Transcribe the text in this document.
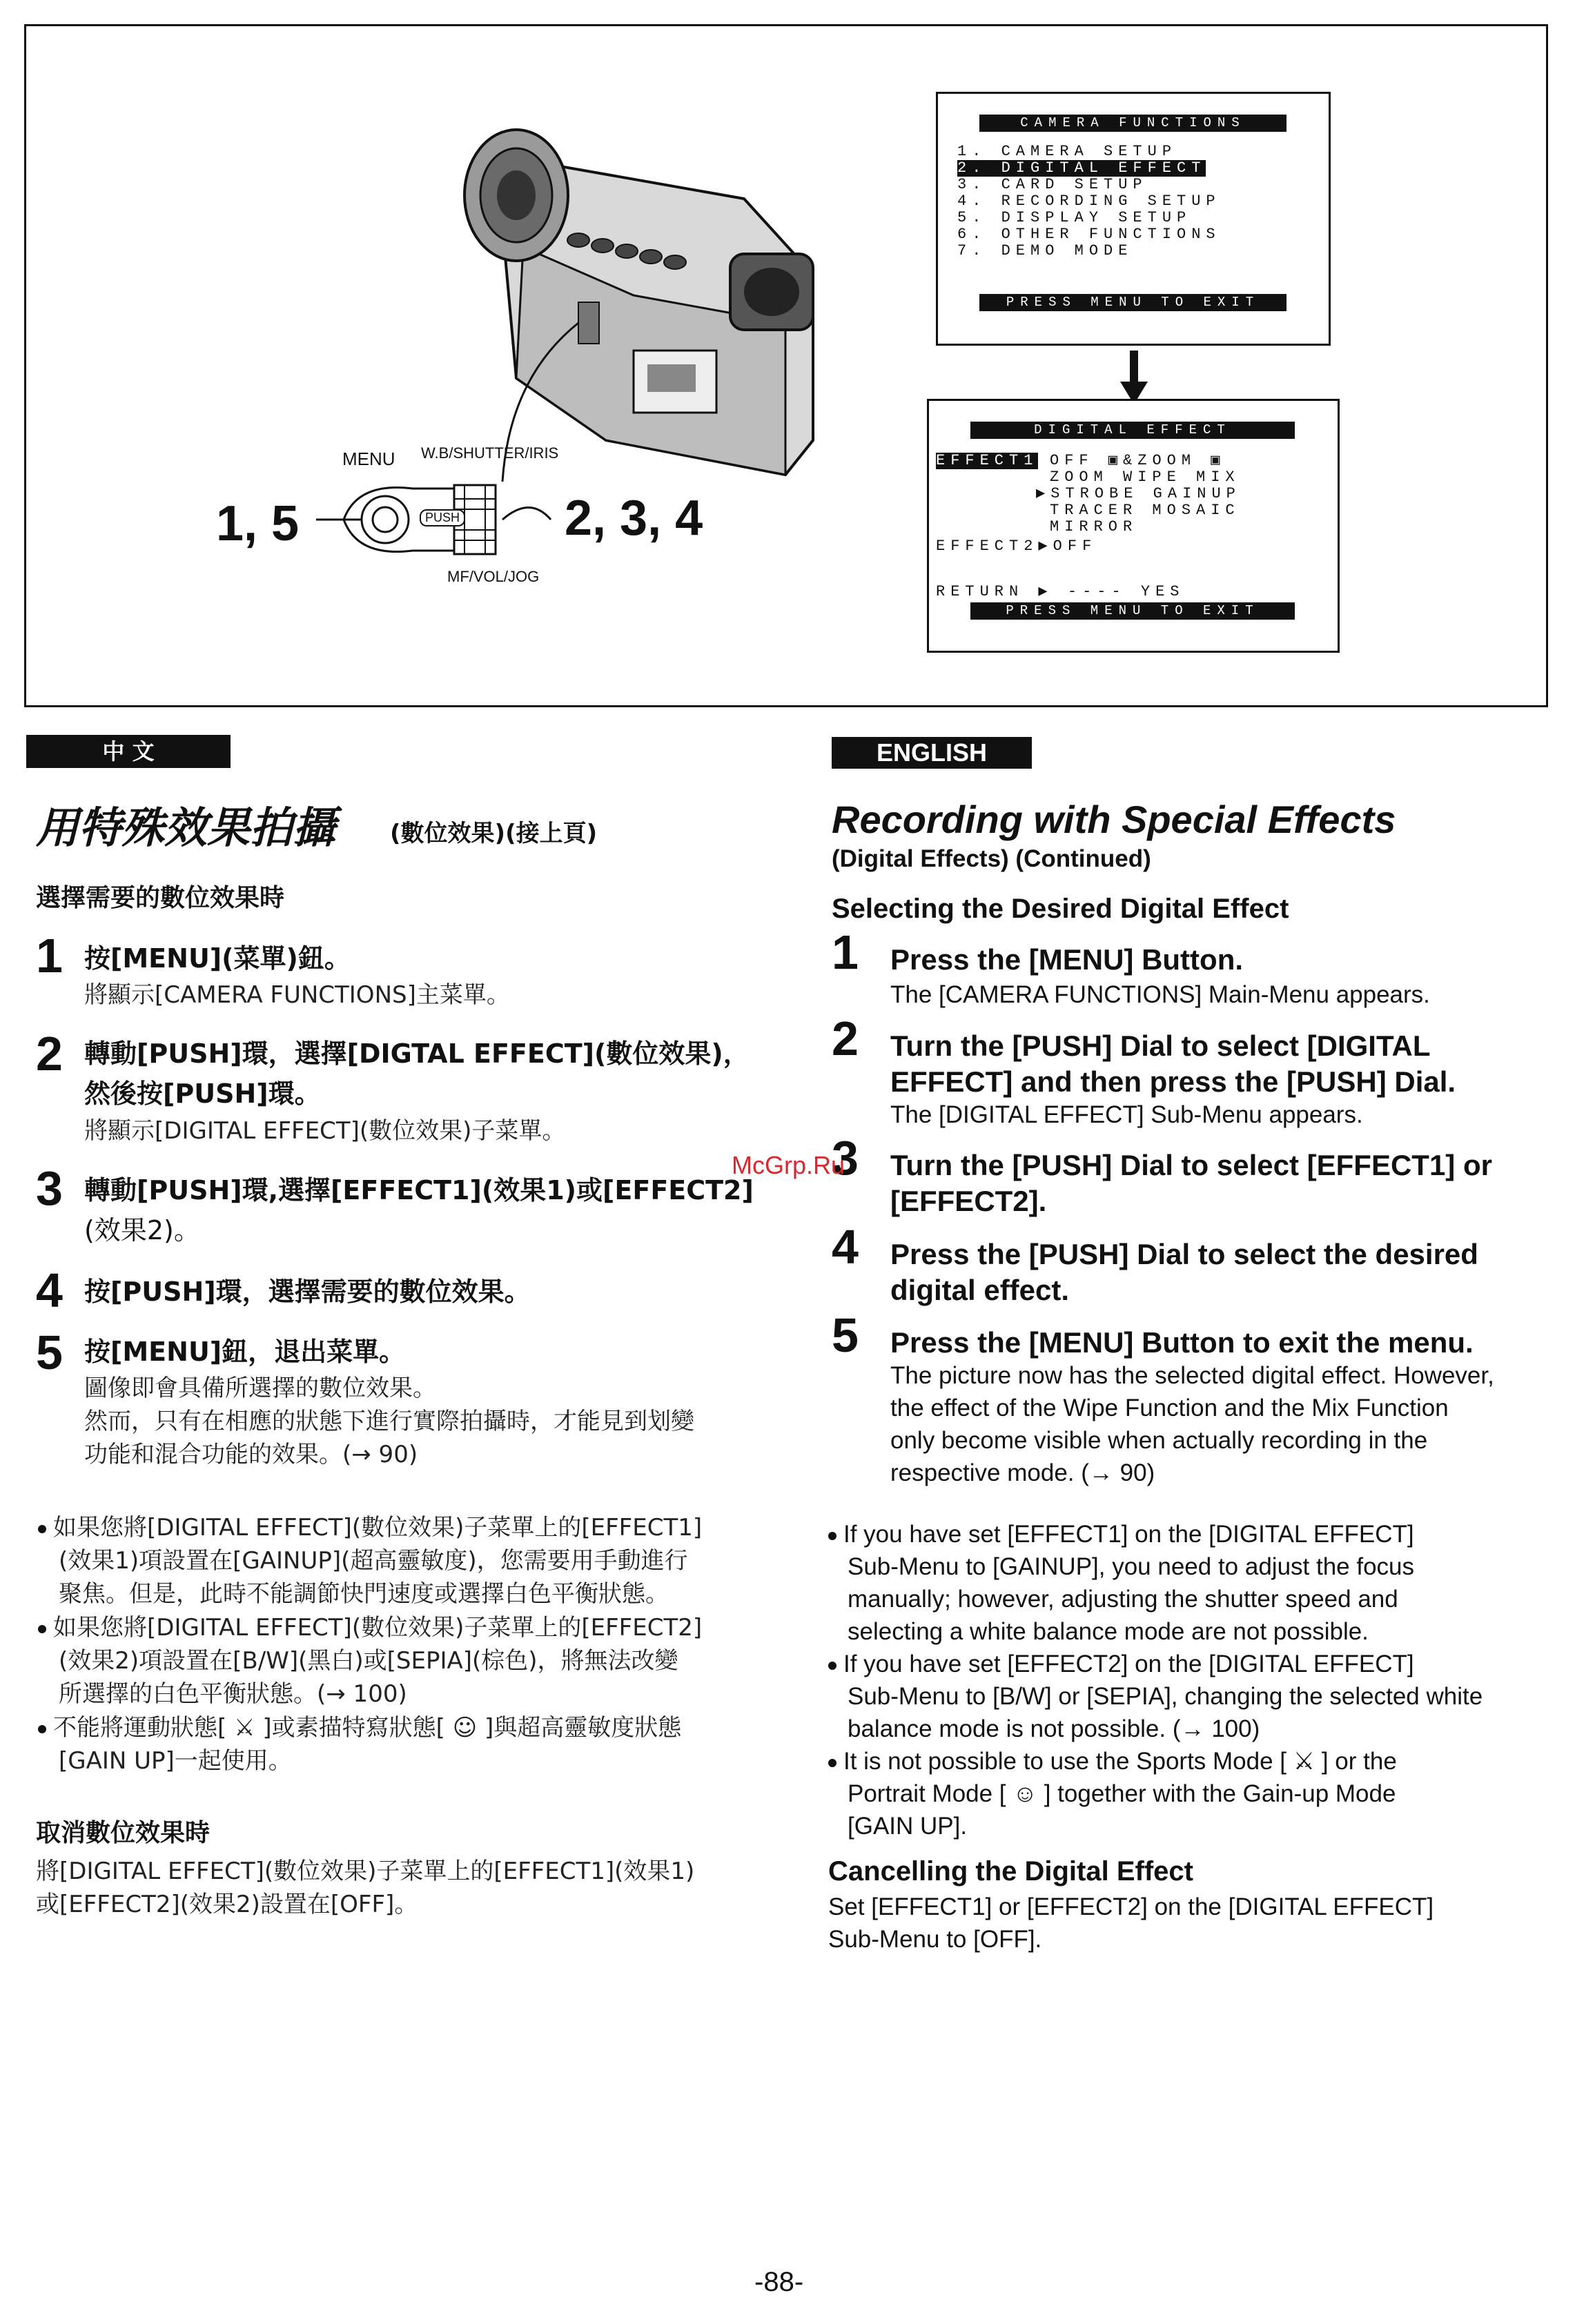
MENU W.B/SHUTTER/IRIS
PUSH
MF/VOL/JOG
1, 5	2, 3, 4
CAMERA FUNCTIONS
1. CAMERA SETUP
2. DIGITAL EFFECT
3. CARD SETUP
4. RECORDING SETUP
5. DISPLAY SETUP
6. OTHER FUNCTIONS
7. DEMO MODE
PRESS MENU TO EXIT
DIGITAL EFFECT
EFFECT1 OFF ▣&ZOOM ▣
ZOOM WIPE MIX
▶STROBE GAINUP
TRACER MOSAIC
MIRROR
EFFECT2▶OFF
RETURN ▶ ---- YES
PRESS MENU TO EXIT
中 文
用特殊效果拍攝 (數位效果)(接上頁)
選擇需要的數位效果時
1 按[MENU](菜單)鈕。
將顯示[CAMERA FUNCTIONS]主菜單。
2 轉動[PUSH]環，選擇[DIGTAL EFFECT](數位效果)，
然後按[PUSH]環。
將顯示[DIGITAL EFFECT](數位效果)子菜單。
3 轉動[PUSH]環,選擇[EFFECT1](效果1)或[EFFECT2]
(效果2)。
4 按[PUSH]環，選擇需要的數位效果。
5 按[MENU]鈕，退出菜單。
圖像即會具備所選擇的數位效果。
然而，只有在相應的狀態下進行實際拍攝時，才能見到划變
功能和混合功能的效果。(→ 90)
如果您將[DIGITAL EFFECT](數位效果)子菜單上的[EFFECT1]
(效果1)項設置在[GAINUP](超高靈敏度)，您需要用手動進行
聚焦。但是，此時不能調節快門速度或選擇白色平衡狀態。
如果您將[DIGITAL EFFECT](數位效果)子菜單上的[EFFECT2]
(效果2)項設置在[B/W](黑白)或[SEPIA](棕色)，將無法改變
所選擇的白色平衡狀態。(→ 100)
不能將運動狀態[ ⚔ ]或素描特寫狀態[ ☺ ]與超高靈敏度狀態
[GAIN UP]一起使用。
取消數位效果時
將[DIGITAL EFFECT](數位效果)子菜單上的[EFFECT1](效果1)
或[EFFECT2](效果2)設置在[OFF]。
ENGLISH
Recording with Special Effects
(Digital Effects) (Continued)
Selecting the Desired Digital Effect
1 Press the [MENU] Button.
The [CAMERA FUNCTIONS] Main-Menu appears.
2 Turn the [PUSH] Dial to select [DIGITAL
EFFECT] and then press the [PUSH] Dial.
The [DIGITAL EFFECT] Sub-Menu appears.
3 Turn the [PUSH] Dial to select [EFFECT1] or
[EFFECT2].
4 Press the [PUSH] Dial to select the desired
digital effect.
5 Press the [MENU] Button to exit the menu.
The picture now has the selected digital effect. However,
the effect of the Wipe Function and the Mix Function
only become visible when actually recording in the
respective mode. (→ 90)
If you have set [EFFECT1] on the [DIGITAL EFFECT]
Sub-Menu to [GAINUP], you need to adjust the focus
manually; however, adjusting the shutter speed and
selecting a white balance mode are not possible.
If you have set [EFFECT2] on the [DIGITAL EFFECT]
Sub-Menu to [B/W] or [SEPIA], changing the selected white
balance mode is not possible. (→ 100)
It is not possible to use the Sports Mode [ ⚔ ] or the
Portrait Mode [ ☺ ] together with the Gain-up Mode
[GAIN UP].
Cancelling the Digital Effect
Set [EFFECT1] or [EFFECT2] on the [DIGITAL EFFECT]
Sub-Menu to [OFF].
McGrp.Ru
-88-
